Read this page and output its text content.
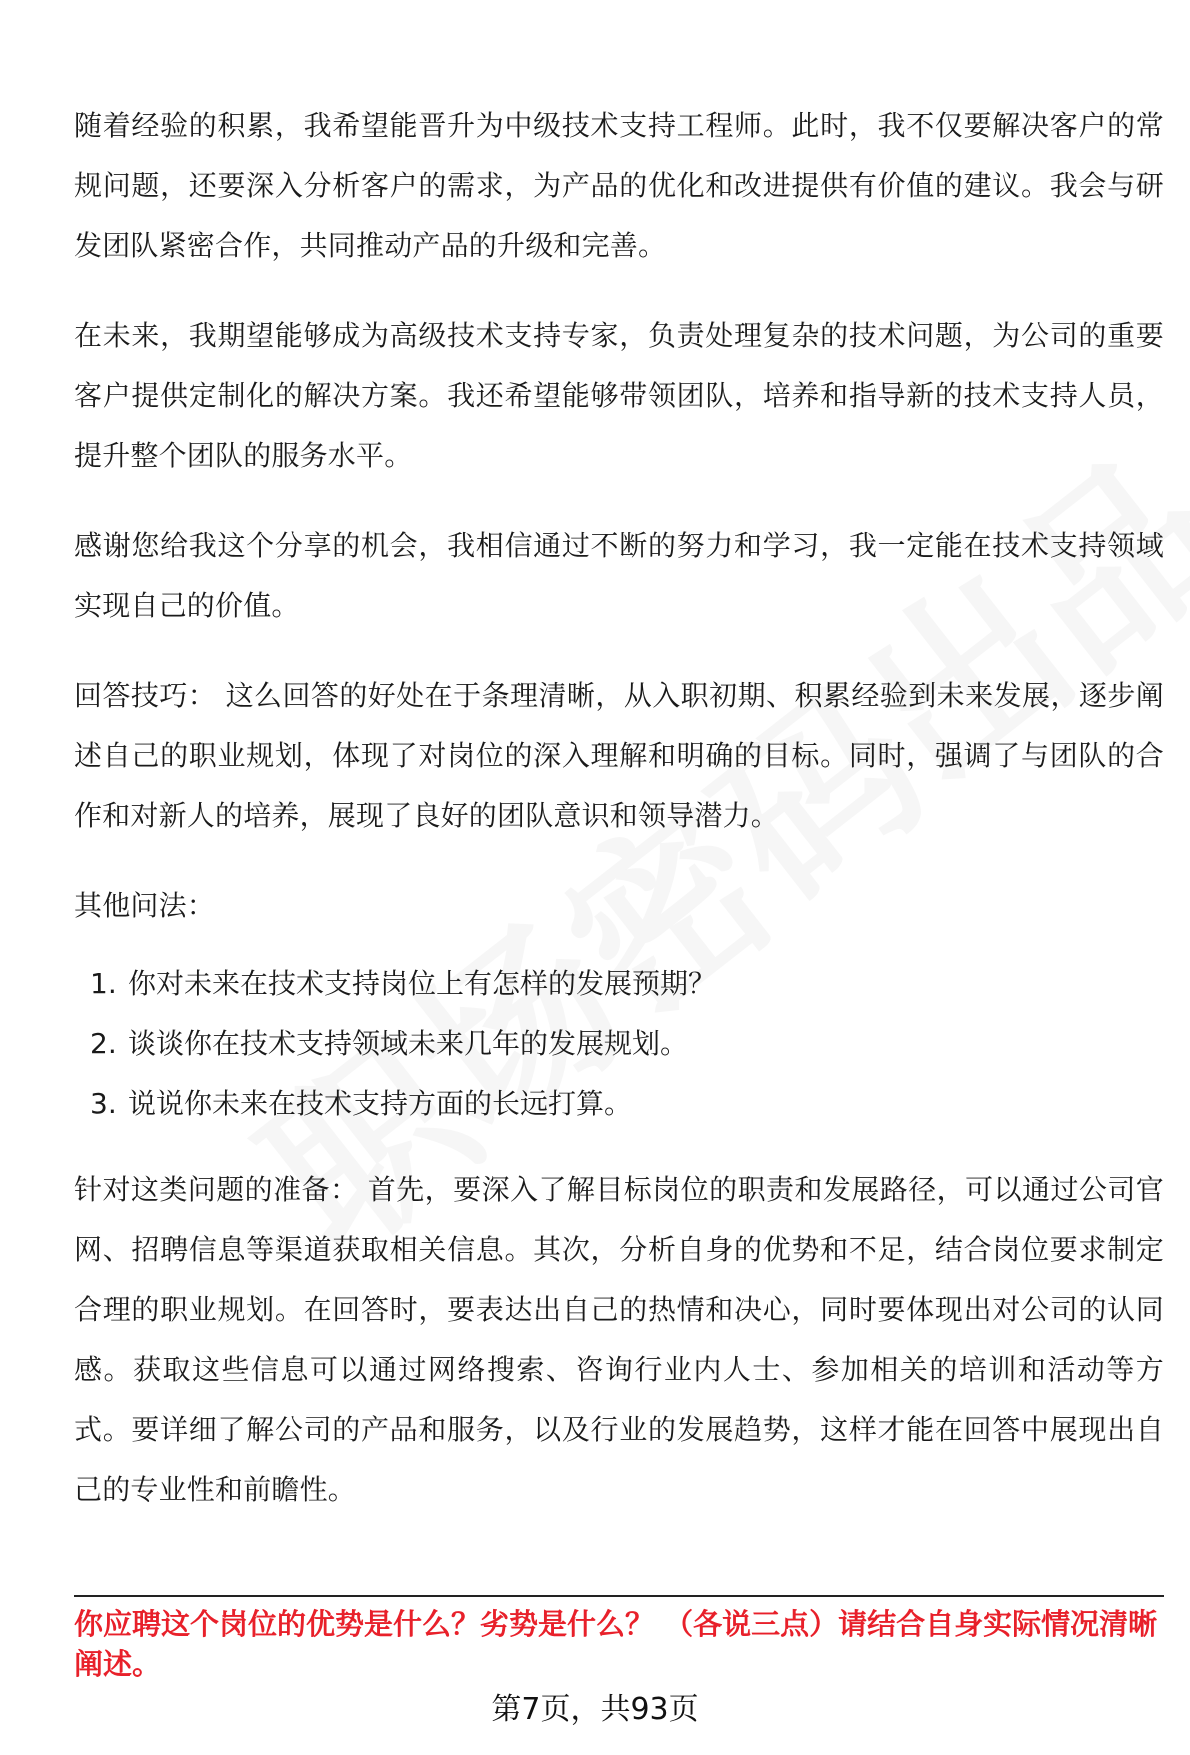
随着经验的积累，我希望能晋升为中级技术支持工程师。此时，我不仅要解决客户的常规问题，还要深入分析客户的需求，为产品的优化和改进提供有价值的建议。我会与研发团队紧密合作，共同推动产品的升级和完善。

在未来，我期望能够成为高级技术支持专家，负责处理复杂的技术问题，为公司的重要客户提供定制化的解决方案。我还希望能够带领团队，培养和指导新的技术支持人员，提升整个团队的服务水平。

感谢您给我这个分享的机会，我相信通过不断的努力和学习，我一定能在技术支持领域实现自己的价值。

回答技巧： 这么回答的好处在于条理清晰，从入职初期、积累经验到未来发展，逐步阐述自己的职业规划，体现了对岗位的深入理解和明确的目标。同时，强调了与团队的合作和对新人的培养，展现了良好的团队意识和领导潜力。

其他问法：

1. 你对未来在技术支持岗位上有怎样的发展预期？
2. 谈谈你在技术支持领域未来几年的发展规划。
3. 说说你未来在技术支持方面的长远打算。

针对这类问题的准备： 首先，要深入了解目标岗位的职责和发展路径，可以通过公司官网、招聘信息等渠道获取相关信息。其次，分析自身的优势和不足，结合岗位要求制定合理的职业规划。在回答时，要表达出自己的热情和决心，同时要体现出对公司的认同感。获取这些信息可以通过网络搜索、咨询行业内人士、参加相关的培训和活动等方式。要详细了解公司的产品和服务，以及行业的发展趋势，这样才能在回答中展现出自己的专业性和前瞻性。

你应聘这个岗位的优势是什么？劣势是什么？ （各说三点）请结合自身实际情况清晰阐述。
第7页，共93页
